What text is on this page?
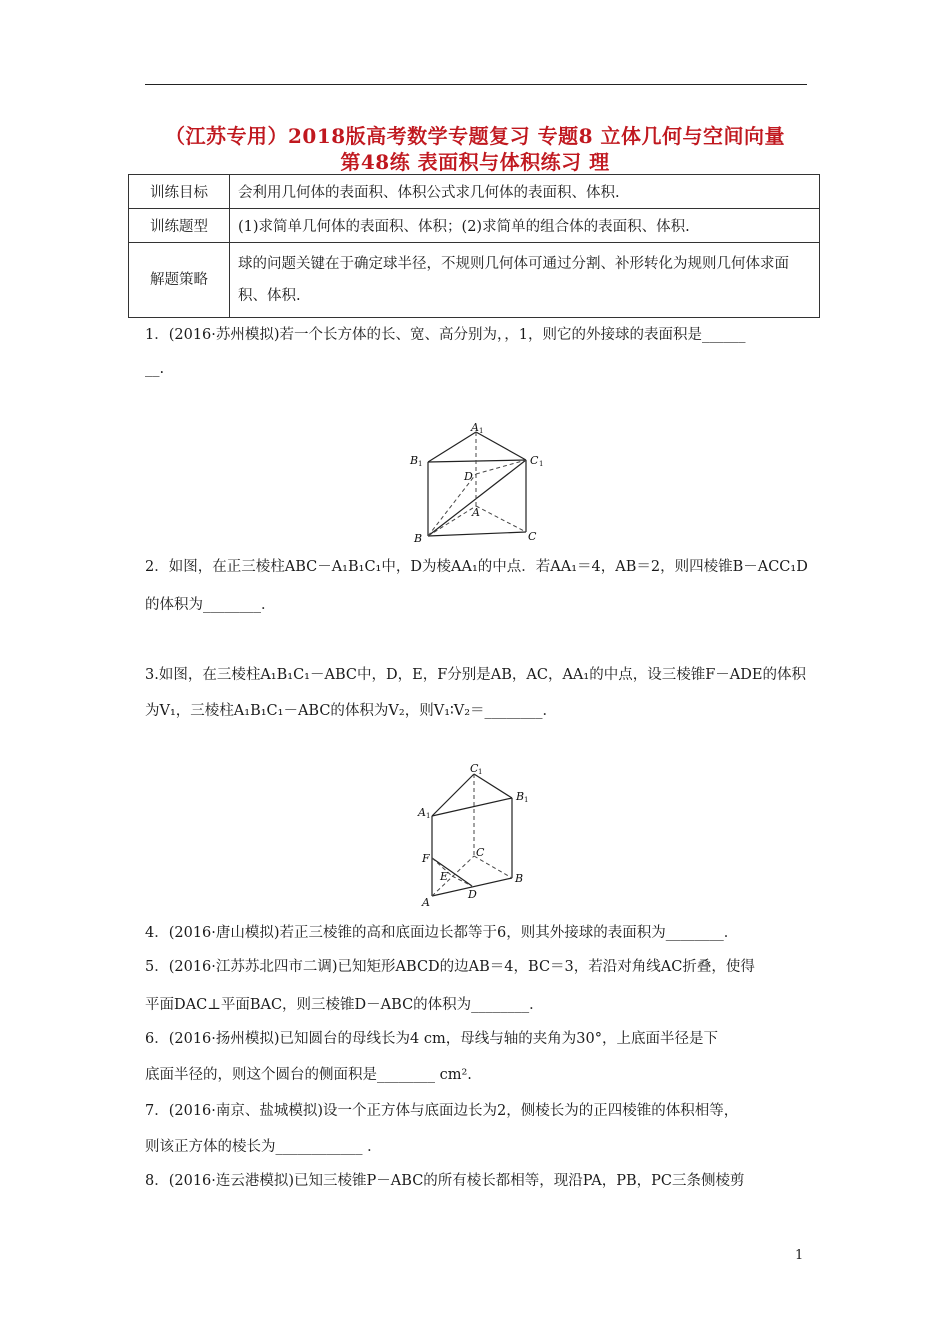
（江苏专用）2018版高考数学专题复习 专题8 立体几何与空间向量
第48练 表面积与体积练习 理
训练目标	会利用几何体的表面积、体积公式求几何体的表面积、体积.
训练题型	(1)求简单几何体的表面积、体积；(2)求简单的组合体的表面积、体积.
解题策略	球的问题关键在于确定球半径，不规则几何体可通过分割、补形转化为规则几何体求面积、体积.
1．(2016·苏州模拟)若一个长方体的长、宽、高分别为，，1，则它的外接球的表面积是______
__.
A 1
B 1	C 1
D
A
B	C
2．如图，在正三棱柱ABC－A₁B₁C₁中，D为棱AA₁的中点．若AA₁＝4，AB＝2，则四棱锥B－ACC₁D
的体积为________．
3.如图，在三棱柱A₁B₁C₁－ABC中，D，E，F分别是AB，AC，AA₁的中点，设三棱锥F－ADE的体积
为V₁，三棱柱A₁B₁C₁－ABC的体积为V₂，则V₁∶V₂＝________．
C 1
B 1
A 1
C
F
E
A
D
B
4．(2016·唐山模拟)若正三棱锥的高和底面边长都等于6，则其外接球的表面积为________．
5．(2016·江苏苏北四市二调)已知矩形ABCD的边AB＝4，BC＝3，若沿对角线AC折叠，使得
平面DAC⊥平面BAC，则三棱锥D－ABC的体积为________．
6．(2016·扬州模拟)已知圆台的母线长为4 cm，母线与轴的夹角为30°，上底面半径是下
底面半径的，则这个圆台的侧面积是________ cm².
7．(2016·南京、盐城模拟)设一个正方体与底面边长为2，侧棱长为的正四棱锥的体积相等，
则该正方体的棱长为____________ ．
8．(2016·连云港模拟)已知三棱锥P－ABC的所有棱长都相等，现沿PA，PB，PC三条侧棱剪
1
